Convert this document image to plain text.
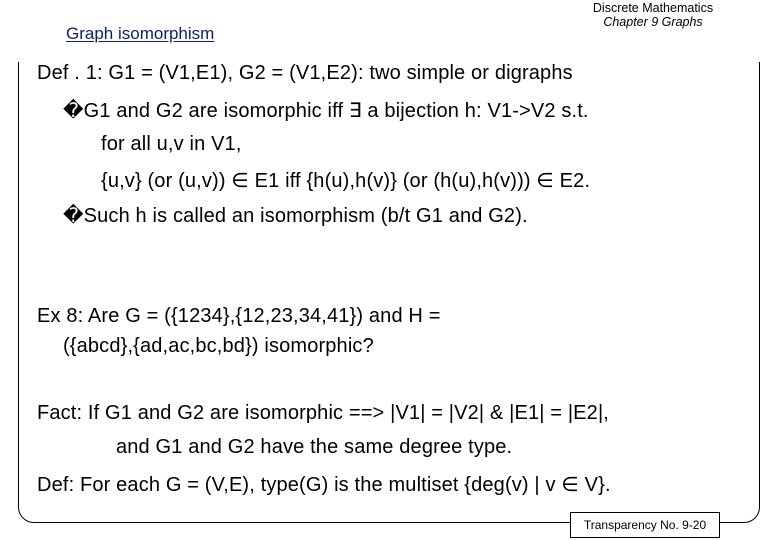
Graph isomorphism
Discrete Mathematics
Chapter 9 Graphs
Def . 1: G1 = (V1,E1), G2 = (V1,E2): two simple or digraphs
�G1 and G2 are isomorphic iff ∃ a bijection h: V1->V2 s.t.
for all u,v in V1,
{u,v} (or (u,v)) ∈ E1 iff {h(u),h(v)} (or (h(u),h(v))) ∈ E2.
�Such h is called an isomorphism (b/t G1 and G2).
Ex 8: Are G = ({1234},{12,23,34,41}) and H =
({abcd},{ad,ac,bc,bd}) isomorphic?
Fact: If G1 and G2 are isomorphic ==> |V1| = |V2| & |E1| = |E2|,
and G1 and G2 have the same degree type.
Def: For each G = (V,E), type(G) is the multiset {deg(v) | v ∈ V}.
Transparency No. 9-20
